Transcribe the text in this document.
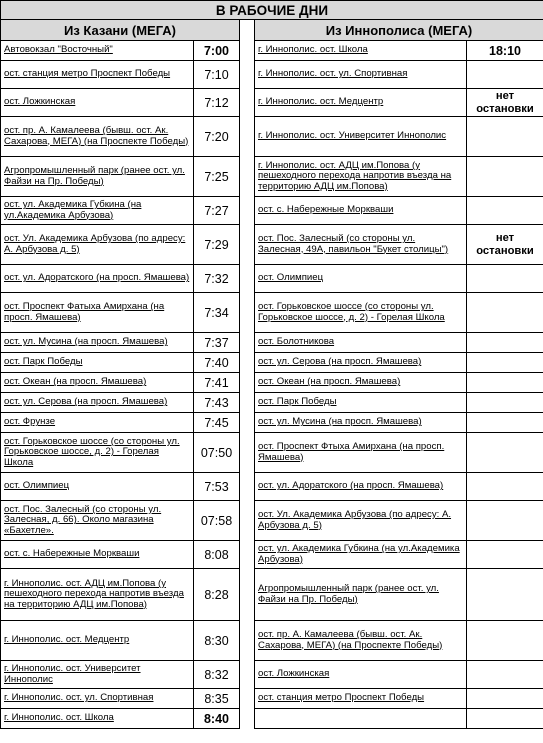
В РАБОЧИЕ ДНИ				
Из Казани (МЕГА)			Из Иннополиса (МЕГА)	
Автовокзал "Восточный"	7:00		г. Иннополис. ост. Школа	18:10
ост. станция метро Проспект Победы	7:10		г. Иннополис. ост. ул. Спортивная	
ост. Ложкинская	7:12		г. Иннополис. ост. Медцентр	нет остановки
ост. пр. А. Камалеева (бывш. ост. Ак. Сахарова, МЕГА) (на Проспекте Победы)	7:20		г. Иннополис. ост. Университет Иннополис	
Агропромышленный парк (ранее ост. ул. Файзи на Пр. Победы)	7:25		г. Иннополис. ост. АДЦ им.Попова (у пешеходного перехода напротив въезда на территорию АДЦ им.Попова)	
ост. ул. Академика Губкина (на ул.Академика Арбузова)	7:27		ост. с. Набережные Моркваши	
ост. Ул. Академика Арбузова (по адресу: А. Арбузова д. 5)	7:29		ост. Пос. Залесный (со стороны ул. Залесная, 49А, павильон "Букет столицы")	нет остановки
ост. ул. Адоратского (на просп. Ямашева)	7:32		ост. Олимпиец	
ост. Проспект Фатыха Амирхана (на просп. Ямашева)	7:34		ост. Горьковское шоссе (со стороны ул. Горьковское шоссе, д. 2) - Горелая Школа	
ост. ул. Мусина (на просп. Ямашева)	7:37		ост. Болотникова	
ост. Парк Победы	7:40		ост. ул. Серова (на просп. Ямашева)	
ост. Океан (на просп. Ямашева)	7:41		ост. Океан (на просп. Ямашева)	
ост. ул. Серова (на просп. Ямашева)	7:43		ост. Парк Победы	
ост. Фрунзе	7:45		ост. ул. Мусина (на просп. Ямашева)	
ост. Горьковское шоссе (со стороны ул. Горьковское шоссе, д. 2) - Горелая Школа	07:50		ост. Проспект Фтыха Амирхана (на просп. Ямашева)	
ост. Олимпиец	7:53		ост. ул. Адоратского (на просп. Ямашева)	
ост. Пос. Залесный (со стороны ул. Залесная, д. 66). Около магазина «Бахетле».	07:58		ост. Ул. Академика Арбузова (по адресу: А. Арбузова д. 5)	
ост. с. Набережные Моркваши	8:08		ост. ул. Академика Губкина (на ул.Академика Арбузова)	
г. Иннополис. ост. АДЦ им.Попова (у пешеходного перехода напротив въезда на территорию АДЦ им.Попова)	8:28		Агропромышленный парк (ранее ост. ул. Файзи на Пр. Победы)	
г. Иннополис. ост. Медцентр	8:30		ост. пр. А. Камалеева (бывш. ост. Ак. Сахарова, МЕГА) (на Проспекте Победы)	
г. Иннополис. ост. Университет Иннополис	8:32		ост. Ложкинская	
г. Иннополис. ост. ул. Спортивная	8:35		ост. станция метро Проспект Победы	
г. Иннополис. ост. Школа	8:40			
